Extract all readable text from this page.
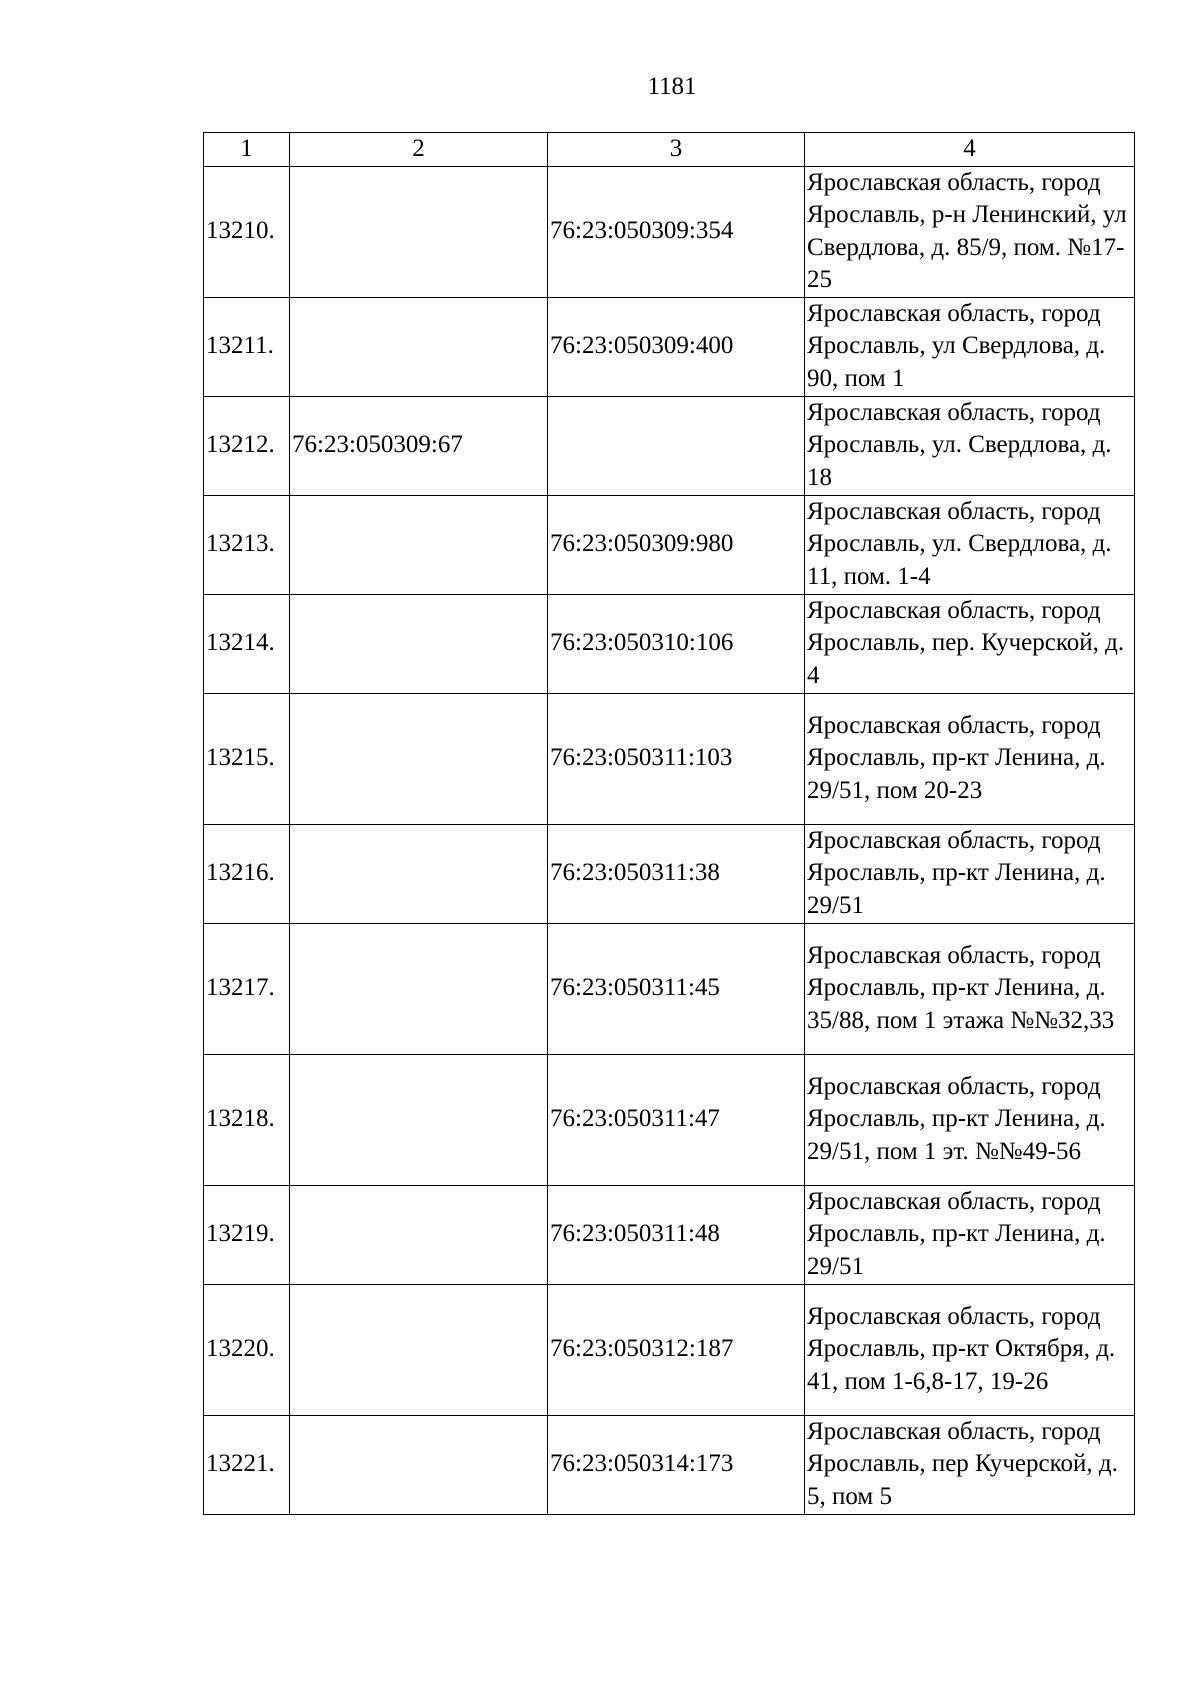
1181
1	2	3	4
13210.		76:23:050309:354	Ярославская область, город Ярославль, р-н Ленинский, ул Свердлова, д. 85/9, пом. №17-25
13211.		76:23:050309:400	Ярославская область, город Ярославль, ул Свердлова, д. 90, пом 1
13212.	76:23:050309:67		Ярославская область, город Ярославль, ул. Свердлова, д. 18
13213.		76:23:050309:980	Ярославская область, город Ярославль, ул. Свердлова, д. 11, пом. 1-4
13214.		76:23:050310:106	Ярославская область, город Ярославль, пер. Кучерской, д. 4
13215.		76:23:050311:103	Ярославская область, город Ярославль, пр-кт Ленина, д. 29/51, пом 20-23
13216.		76:23:050311:38	Ярославская область, город Ярославль, пр-кт Ленина, д. 29/51
13217.		76:23:050311:45	Ярославская область, город Ярославль, пр-кт Ленина, д. 35/88, пом 1 этажа №№32,33
13218.		76:23:050311:47	Ярославская область, город Ярославль, пр-кт Ленина, д. 29/51, пом 1 эт. №№49-56
13219.		76:23:050311:48	Ярославская область, город Ярославль, пр-кт Ленина, д. 29/51
13220.		76:23:050312:187	Ярославская область, город Ярославль, пр-кт Октября, д. 41, пом 1-6,8-17, 19-26
13221.		76:23:050314:173	Ярославская область, город Ярославль, пер Кучерской, д. 5, пом 5
